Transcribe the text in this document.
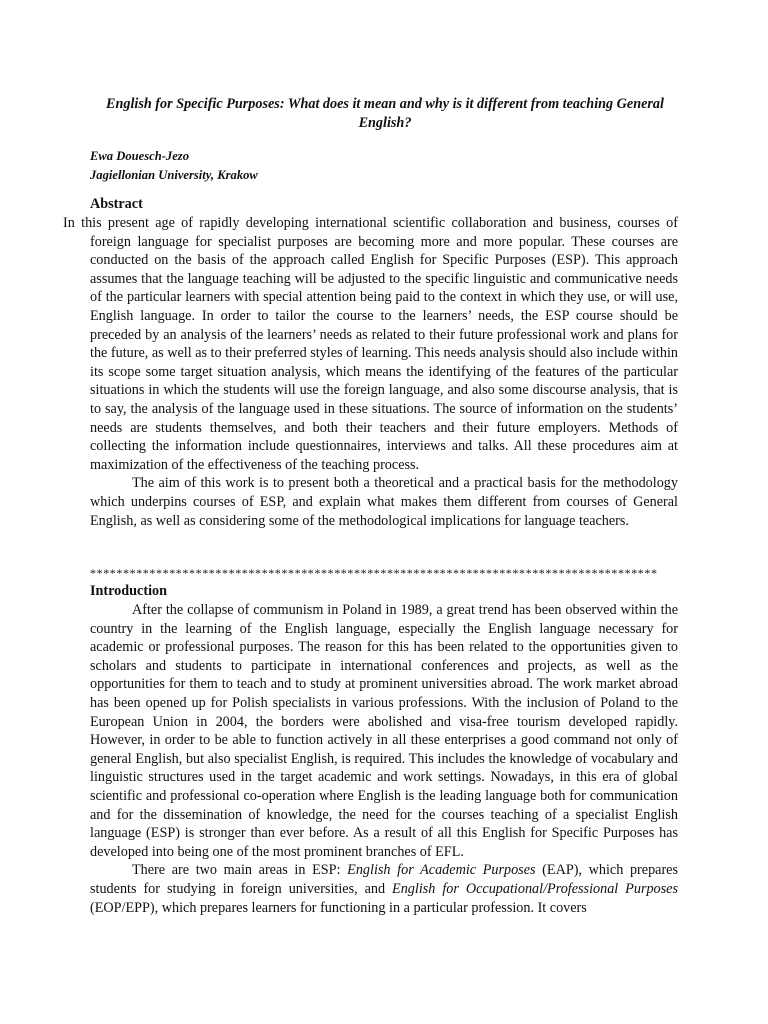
English for Specific Purposes: What does it mean and why is it different from teaching General English?
Ewa Douesch-Jezo
Jagiellonian University, Krakow
Abstract

In this present age of rapidly developing international scientific collaboration and business, courses of foreign language for specialist purposes are becoming more and more popular. These courses are conducted on the basis of the approach called English for Specific Purposes (ESP). This approach assumes that the language teaching will be adjusted to the specific linguistic and communicative needs of the particular learners with special attention being paid to the context in which they use, or will use, English language. In order to tailor the course to the learners’ needs, the ESP course should be preceded by an analysis of the learners’ needs as related to their future professional work and plans for the future, as well as to their preferred styles of learning. This needs analysis should also include within its scope some target situation analysis, which means the identifying of the features of the particular situations in which the students will use the foreign language, and also some discourse analysis, that is to say, the analysis of the language used in these situations. The source of information on the students’ needs are students themselves, and both their teachers and their future employers. Methods of collecting the information include questionnaires, interviews and talks. All these procedures aim at maximization of the effectiveness of the teaching process.

The aim of this work is to present both a theoretical and a practical basis for the methodology which underpins courses of ESP, and explain what makes them different from courses of General English, as well as considering some of the methodological implications for language teachers.

**************************************************************************************
Introduction

After the collapse of communism in Poland in 1989, a great trend has been observed within the country in the learning of the English language, especially the English language necessary for academic or professional purposes. The reason for this has been related to the opportunities given to scholars and students to participate in international conferences and projects, as well as the opportunities for them to teach and to study at prominent universities abroad. The work market abroad has been opened up for Polish specialists in various professions. With the inclusion of Poland to the European Union in 2004, the borders were abolished and visa-free tourism developed rapidly. However, in order to be able to function actively in all these enterprises a good command not only of general English, but also specialist English, is required. This includes the knowledge of vocabulary and linguistic structures used in the target academic and work settings. Nowadays, in this era of global scientific and professional co-operation where English is the leading language both for communication and for the dissemination of knowledge, the need for the courses teaching of a specialist English language (ESP) is stronger than ever before. As a result of all this English for Specific Purposes has developed into being one of the most prominent branches of EFL.

There are two main areas in ESP: English for Academic Purposes (EAP), which prepares students for studying in foreign universities, and English for Occupational/Professional Purposes (EOP/EPP), which prepares learners for functioning in a particular profession. It covers
